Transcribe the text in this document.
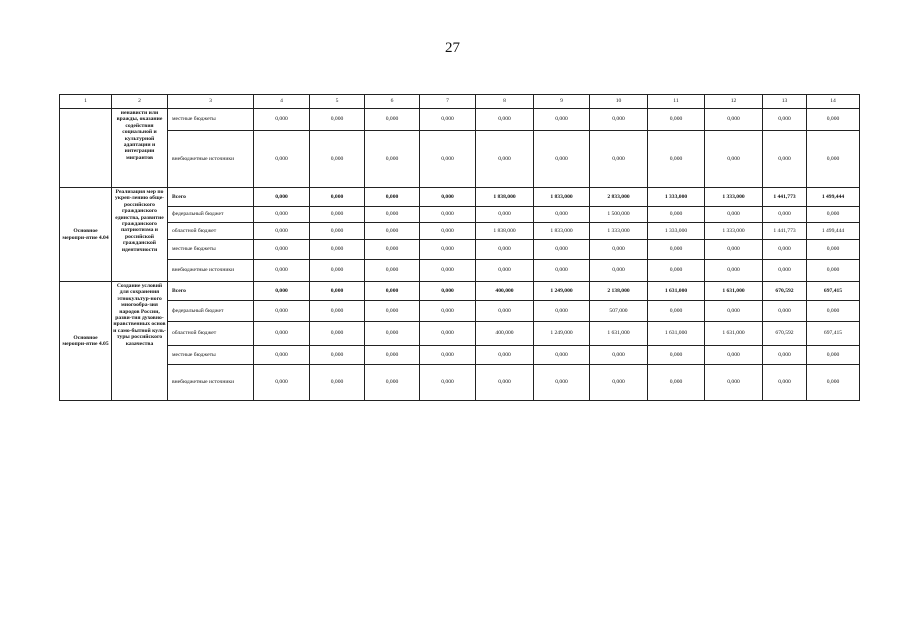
27
1	2	3	4	5	6	7	8	9	10	11	12	13	14
	ненависти или вражды, оказание содействия социальной и культурной адаптации и интеграции мигрантов	местные бюджеты	0,000	0,000	0,000	0,000	0,000	0,000	0,000	0,000	0,000	0,000	0,000
		внебюджетные источники	0,000	0,000	0,000	0,000	0,000	0,000	0,000	0,000	0,000	0,000	0,000
Основное меропри-ятие 4.04	Реализация мер по укреп-лению обще-российского гражданского единства, развитие гражданского патриотизма и российской гражданской идентичности	Всего	0,000	0,000	0,000	0,000	1 838,000	1 833,000	2 833,000	1 333,000	1 333,000	1 441,773	1 499,444
		федеральный бюджет	0,000	0,000	0,000	0,000	0,000	0,000	1 500,000	0,000	0,000	0,000	0,000
		областной бюджет	0,000	0,000	0,000	0,000	1 838,000	1 833,000	1 333,000	1 333,000	1 333,000	1 441,773	1 499,444
		местные бюджеты	0,000	0,000	0,000	0,000	0,000	0,000	0,000	0,000	0,000	0,000	0,000
		внебюджетные источники	0,000	0,000	0,000	0,000	0,000	0,000	0,000	0,000	0,000	0,000	0,000
Основное меропри-ятие 4.05	Создание условий для сохранения этнокультур-ного многообра-зия народов России, разви-тия духовно-нравственных основ и само-бытной куль-туры российского казачества	Всего	0,000	0,000	0,000	0,000	400,000	1 249,000	2 138,000	1 631,000	1 631,000	670,592	697,415
		федеральный бюджет	0,000	0,000	0,000	0,000	0,000	0,000	507,000	0,000	0,000	0,000	0,000
		областной бюджет	0,000	0,000	0,000	0,000	400,000	1 249,000	1 631,000	1 631,000	1 631,000	670,592	697,415
		местные бюджеты	0,000	0,000	0,000	0,000	0,000	0,000	0,000	0,000	0,000	0,000	0,000
		внебюджетные источники	0,000	0,000	0,000	0,000	0,000	0,000	0,000	0,000	0,000	0,000	0,000
